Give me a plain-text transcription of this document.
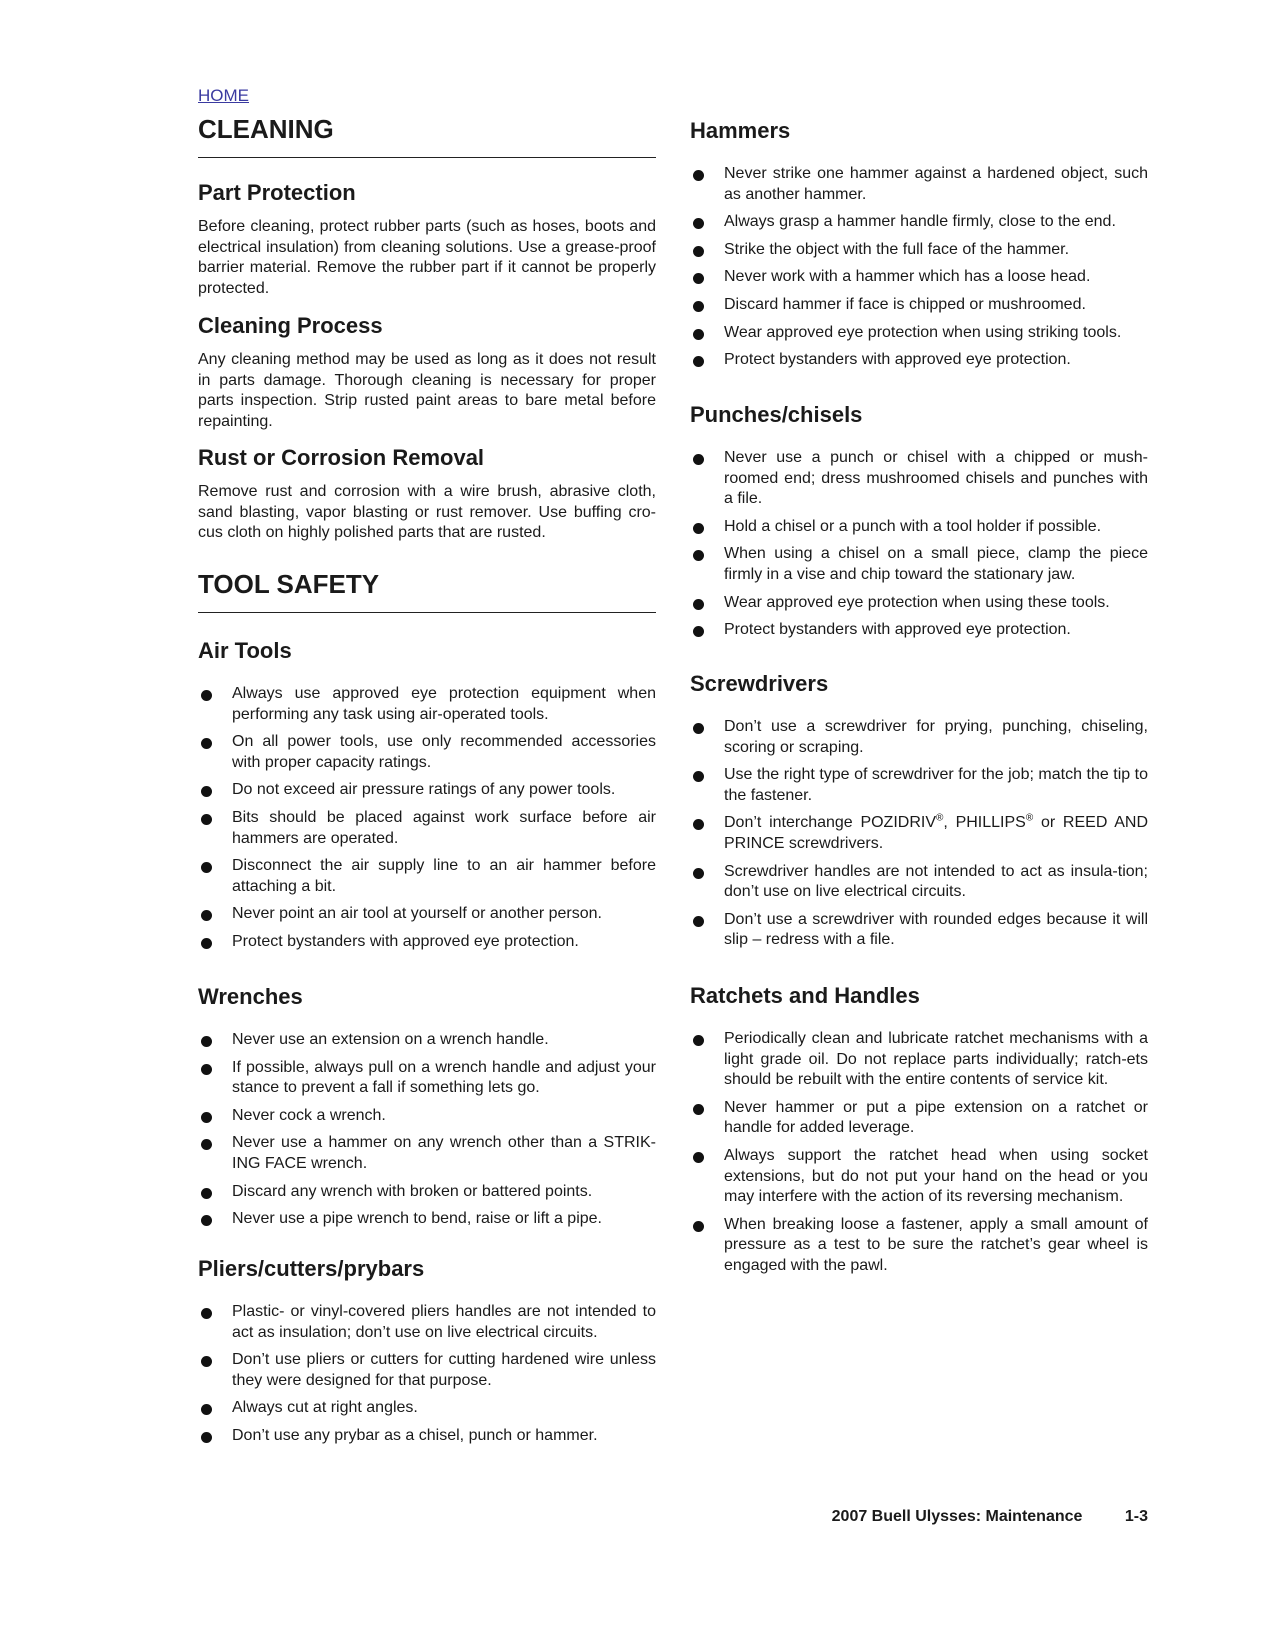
HOME
CLEANING
Part Protection

Before cleaning, protect rubber parts (such as hoses, boots and electrical insulation) from cleaning solutions. Use a grease-proof barrier material. Remove the rubber part if it cannot be properly protected.

Cleaning Process

Any cleaning method may be used as long as it does not result in parts damage. Thorough cleaning is necessary for proper parts inspection. Strip rusted paint areas to bare metal before repainting.

Rust or Corrosion Removal

Remove rust and corrosion with a wire brush, abrasive cloth, sand blasting, vapor blasting or rust remover. Use buffing cro-cus cloth on highly polished parts that are rusted.

TOOL SAFETY
Air Tools
Always use approved eye protection equipment when performing any task using air-operated tools.
On all power tools, use only recommended accessories with proper capacity ratings.
Do not exceed air pressure ratings of any power tools.
Bits should be placed against work surface before air hammers are operated.
Disconnect the air supply line to an air hammer before attaching a bit.
Never point an air tool at yourself or another person.
Protect bystanders with approved eye protection.
Wrenches
Never use an extension on a wrench handle.
If possible, always pull on a wrench handle and adjust your stance to prevent a fall if something lets go.
Never cock a wrench.
Never use a hammer on any wrench other than a STRIK-ING FACE wrench.
Discard any wrench with broken or battered points.
Never use a pipe wrench to bend, raise or lift a pipe.
Pliers/cutters/prybars
Plastic- or vinyl-covered pliers handles are not intended to act as insulation; don’t use on live electrical circuits.
Don’t use pliers or cutters for cutting hardened wire unless they were designed for that purpose.
Always cut at right angles.
Don’t use any prybar as a chisel, punch or hammer.
Hammers
Never strike one hammer against a hardened object, such as another hammer.
Always grasp a hammer handle firmly, close to the end.
Strike the object with the full face of the hammer.
Never work with a hammer which has a loose head.
Discard hammer if face is chipped or mushroomed.
Wear approved eye protection when using striking tools.
Protect bystanders with approved eye protection.
Punches/chisels
Never use a punch or chisel with a chipped or mush-roomed end; dress mushroomed chisels and punches with a file.
Hold a chisel or a punch with a tool holder if possible.
When using a chisel on a small piece, clamp the piece firmly in a vise and chip toward the stationary jaw.
Wear approved eye protection when using these tools.
Protect bystanders with approved eye protection.
Screwdrivers
Don’t use a screwdriver for prying, punching, chiseling, scoring or scraping.
Use the right type of screwdriver for the job; match the tip to the fastener.
Don’t interchange POZIDRIV®, PHILLIPS® or REED AND PRINCE screwdrivers.
Screwdriver handles are not intended to act as insula-tion; don’t use on live electrical circuits.
Don’t use a screwdriver with rounded edges because it will slip – redress with a file.
Ratchets and Handles
Periodically clean and lubricate ratchet mechanisms with a light grade oil. Do not replace parts individually; ratch-ets should be rebuilt with the entire contents of service kit.
Never hammer or put a pipe extension on a ratchet or handle for added leverage.
Always support the ratchet head when using socket extensions, but do not put your hand on the head or you may interfere with the action of its reversing mechanism.
When breaking loose a fastener, apply a small amount of pressure as a test to be sure the ratchet’s gear wheel is engaged with the pawl.
2007 Buell Ulysses: Maintenance	1-3
